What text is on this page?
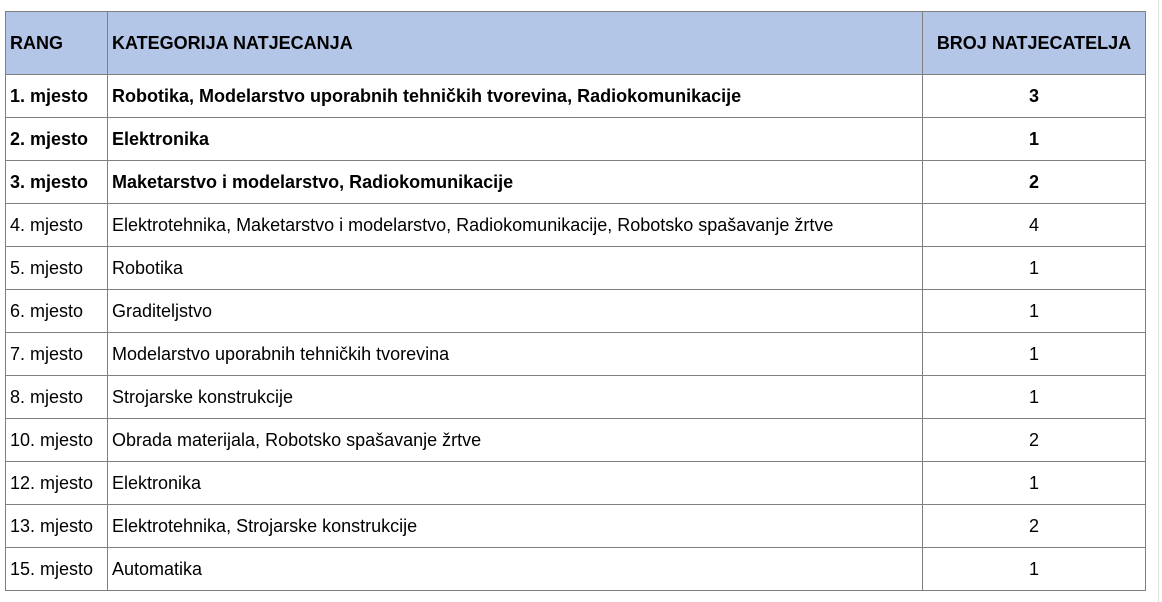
RANG	KATEGORIJA NATJECANJA	BROJ NATJECATELJA
1. mjesto	Robotika, Modelarstvo uporabnih tehničkih tvorevina, Radiokomunikacije	3
2. mjesto	Elektronika	1
3. mjesto	Maketarstvo i modelarstvo, Radiokomunikacije	2
4. mjesto	Elektrotehnika, Maketarstvo i modelarstvo, Radiokomunikacije, Robotsko spašavanje žrtve	4
5. mjesto	Robotika	1
6. mjesto	Graditeljstvo	1
7. mjesto	Modelarstvo uporabnih tehničkih tvorevina	1
8. mjesto	Strojarske konstrukcije	1
10. mjesto	Obrada materijala, Robotsko spašavanje žrtve	2
12. mjesto	Elektronika	1
13. mjesto	Elektrotehnika, Strojarske konstrukcije	2
15. mjesto	Automatika	1
